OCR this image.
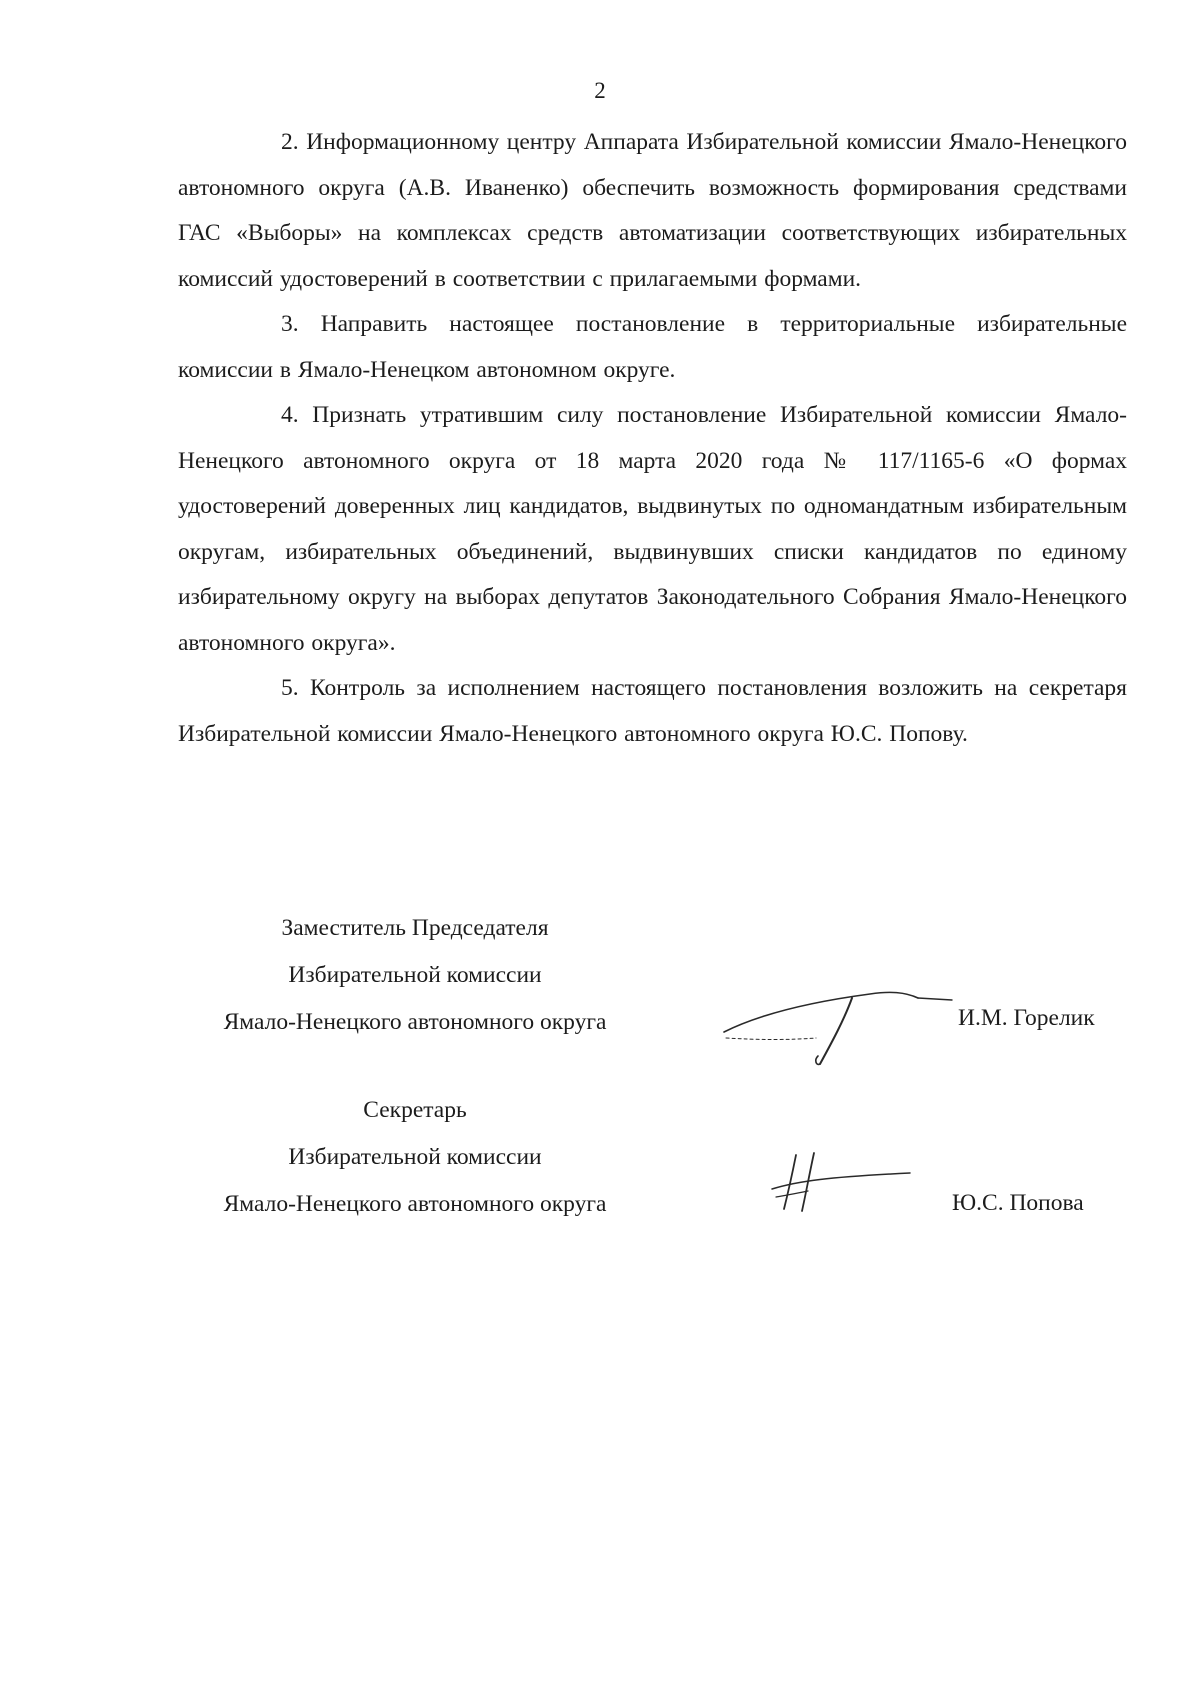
2

2. Информационному центру Аппарата Избирательной комиссии Ямало-Ненецкого автономного округа (А.В. Иваненко) обеспечить возможность формирования средствами ГАС «Выборы» на комплексах средств автоматизации соответствующих избирательных комиссий удостоверений в соответствии с прилагаемыми формами.

3. Направить настоящее постановление в территориальные избирательные комиссии в Ямало-Ненецком автономном округе.

4. Признать утратившим силу постановление Избирательной комиссии Ямало-Ненецкого автономного округа от 18 марта 2020 года № 117/1165-6 «О формах удостоверений доверенных лиц кандидатов, выдвинутых по одномандатным избирательным округам, избирательных объединений, выдвинувших списки кандидатов по единому избирательному округу на выборах депутатов Законодательного Собрания Ямало-Ненецкого автономного округа».

5. Контроль за исполнением настоящего постановления возложить на секретаря Избирательной комиссии Ямало-Ненецкого автономного округа Ю.С. Попову.

Заместитель Председателя
Избирательной комиссии
Ямало-Ненецкого автономного округа	И.М. Горелик
Секретарь
Избирательной комиссии
Ямало-Ненецкого автономного округа	Ю.С. Попова
